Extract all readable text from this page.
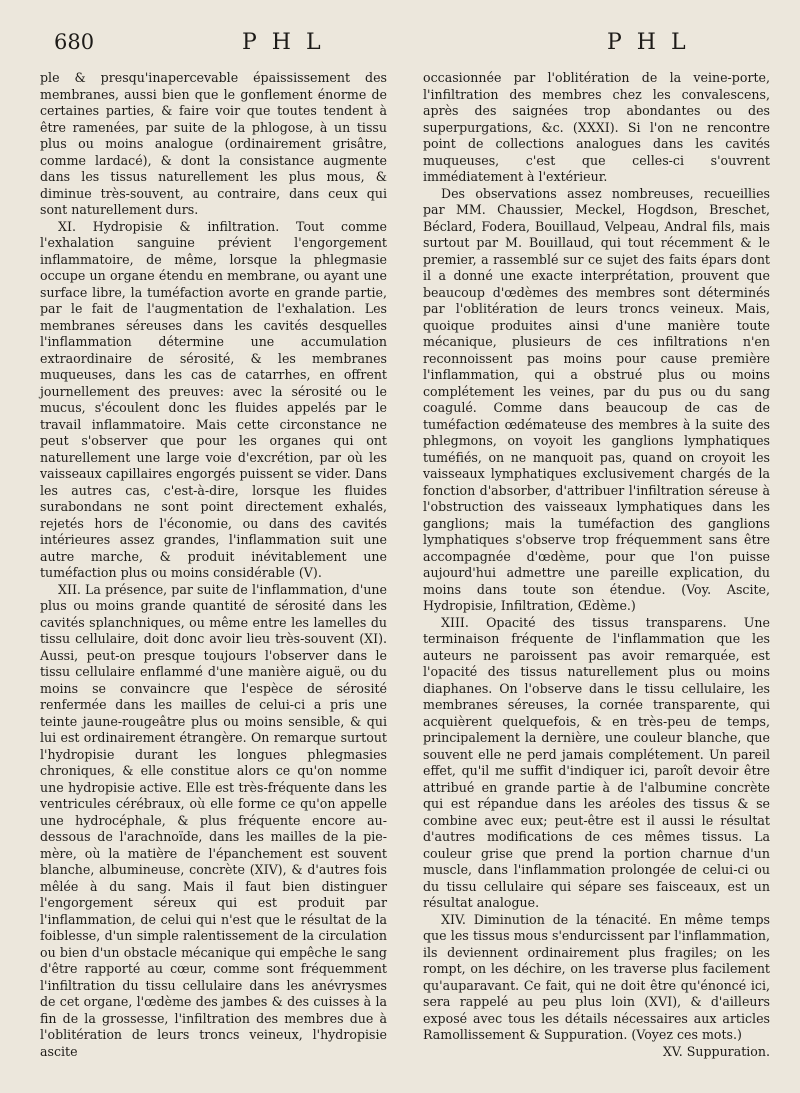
680	P H L	P H L

ple & presqu'inapercevable épaississement des membranes, aussi bien que le gonflement énorme de certaines parties, & faire voir que toutes tendent à être ramenées, par suite de la phlogose, à un tissu plus ou moins analogue (ordinairement grisâtre, comme lardacé), & dont la consistance augmente dans les tissus naturellement les plus mous, & diminue très-souvent, au contraire, dans ceux qui sont naturellement durs.

XI. Hydropisie & infiltration. Tout comme l'exhalation sanguine prévient l'engorgement inflammatoire, de même, lorsque la phlegmasie occupe un organe étendu en membrane, ou ayant une surface libre, la tuméfaction avorte en grande partie, par le fait de l'augmentation de l'exhalation. Les membranes séreuses dans les cavités desquelles l'inflammation détermine une accumulation extraordinaire de sérosité, & les membranes muqueuses, dans les cas de catarrhes, en offrent journellement des preuves: avec la sérosité ou le mucus, s'écoulent donc les fluides appelés par le travail inflammatoire. Mais cette circonstance ne peut s'observer que pour les organes qui ont naturellement une large voie d'excrétion, par où les vaisseaux capillaires engorgés puissent se vider. Dans les autres cas, c'est-à-dire, lorsque les fluides surabondans ne sont point directement exhalés, rejetés hors de l'économie, ou dans des cavités intérieures assez grandes, l'inflammation suit une autre marche, & produit inévitablement une tuméfaction plus ou moins considérable (V).

XII. La présence, par suite de l'inflammation, d'une plus ou moins grande quantité de sérosité dans les cavités splanchniques, ou même entre les lamelles du tissu cellulaire, doit donc avoir lieu très-souvent (XI). Aussi, peut-on presque toujours l'observer dans le tissu cellulaire enflammé d'une manière aiguë, ou du moins se convaincre que l'espèce de sérosité renfermée dans les mailles de celui-ci a pris une teinte jaune-rougeâtre plus ou moins sensible, & qui lui est ordinairement étrangère. On remarque surtout l'hydropisie durant les longues phlegmasies chroniques, & elle constitue alors ce qu'on nomme une hydropisie active. Elle est très-fréquente dans les ventricules cérébraux, où elle forme ce qu'on appelle une hydrocéphale, & plus fréquente encore au-dessous de l'arachnoïde, dans les mailles de la pie-mère, où la matière de l'épanchement est souvent blanche, albumineuse, concrète (XIV), & d'autres fois mêlée à du sang. Mais il faut bien distinguer l'engorgement séreux qui est produit par l'inflammation, de celui qui n'est que le résultat de la foiblesse, d'un simple ralentissement de la circulation ou bien d'un obstacle mécanique qui empêche le sang d'être rapporté au cœur, comme sont fréquemment l'infiltration du tissu cellulaire dans les anévrysmes de cet organe, l'œdème des jambes & des cuisses à la fin de la grossesse, l'infiltration des membres due à l'oblitération de leurs troncs veineux, l'hydropisie ascite

occasionnée par l'oblitération de la veine-porte, l'infiltration des membres chez les convalescens, après des saignées trop abondantes ou des superpurgations, &c. (XXXI). Si l'on ne rencontre point de collections analogues dans les cavités muqueuses, c'est que celles-ci s'ouvrent immédiatement à l'extérieur.

Des observations assez nombreuses, recueillies par MM. Chaussier, Meckel, Hogdson, Breschet, Béclard, Fodera, Bouillaud, Velpeau, Andral fils, mais surtout par M. Bouillaud, qui tout récemment & le premier, a rassemblé sur ce sujet des faits épars dont il a donné une exacte interprétation, prouvent que beaucoup d'œdèmes des membres sont déterminés par l'oblitération de leurs troncs veineux. Mais, quoique produites ainsi d'une manière toute mécanique, plusieurs de ces infiltrations n'en reconnoissent pas moins pour cause première l'inflammation, qui a obstrué plus ou moins complétement les veines, par du pus ou du sang coagulé. Comme dans beaucoup de cas de tuméfaction œdémateuse des membres à la suite des phlegmons, on voyoit les ganglions lymphatiques tuméfiés, on ne manquoit pas, quand on croyoit les vaisseaux lymphatiques exclusivement chargés de la fonction d'absorber, d'attribuer l'infiltration séreuse à l'obstruction des vaisseaux lymphatiques dans les ganglions; mais la tuméfaction des ganglions lymphatiques s'observe trop fréquemment sans être accompagnée d'œdème, pour que l'on puisse aujourd'hui admettre une pareille explication, du moins dans toute son étendue. (Voy. Ascite, Hydropisie, Infiltration, Œdème.)

XIII. Opacité des tissus transparens. Une terminaison fréquente de l'inflammation que les auteurs ne paroissent pas avoir remarquée, est l'opacité des tissus naturellement plus ou moins diaphanes. On l'observe dans le tissu cellulaire, les membranes séreuses, la cornée transparente, qui acquièrent quelquefois, & en très-peu de temps, principalement la dernière, une couleur blanche, que souvent elle ne perd jamais complétement. Un pareil effet, qu'il me suffit d'indiquer ici, paroît devoir être attribué en grande partie à de l'albumine concrète qui est répandue dans les aréoles des tissus & se combine avec eux; peut-être est il aussi le résultat d'autres modifications de ces mêmes tissus. La couleur grise que prend la portion charnue d'un muscle, dans l'inflammation prolongée de celui-ci ou du tissu cellulaire qui sépare ses faisceaux, est un résultat analogue.

XIV. Diminution de la ténacité. En même temps que les tissus mous s'endurcissent par l'inflammation, ils deviennent ordinairement plus fragiles; on les rompt, on les déchire, on les traverse plus facilement qu'auparavant. Ce fait, qui ne doit être qu'énoncé ici, sera rappelé au peu plus loin (XVI), & d'ailleurs exposé avec tous les détails nécessaires aux articles Ramollissement & Suppuration. (Voyez ces mots.)

XV. Suppuration.
